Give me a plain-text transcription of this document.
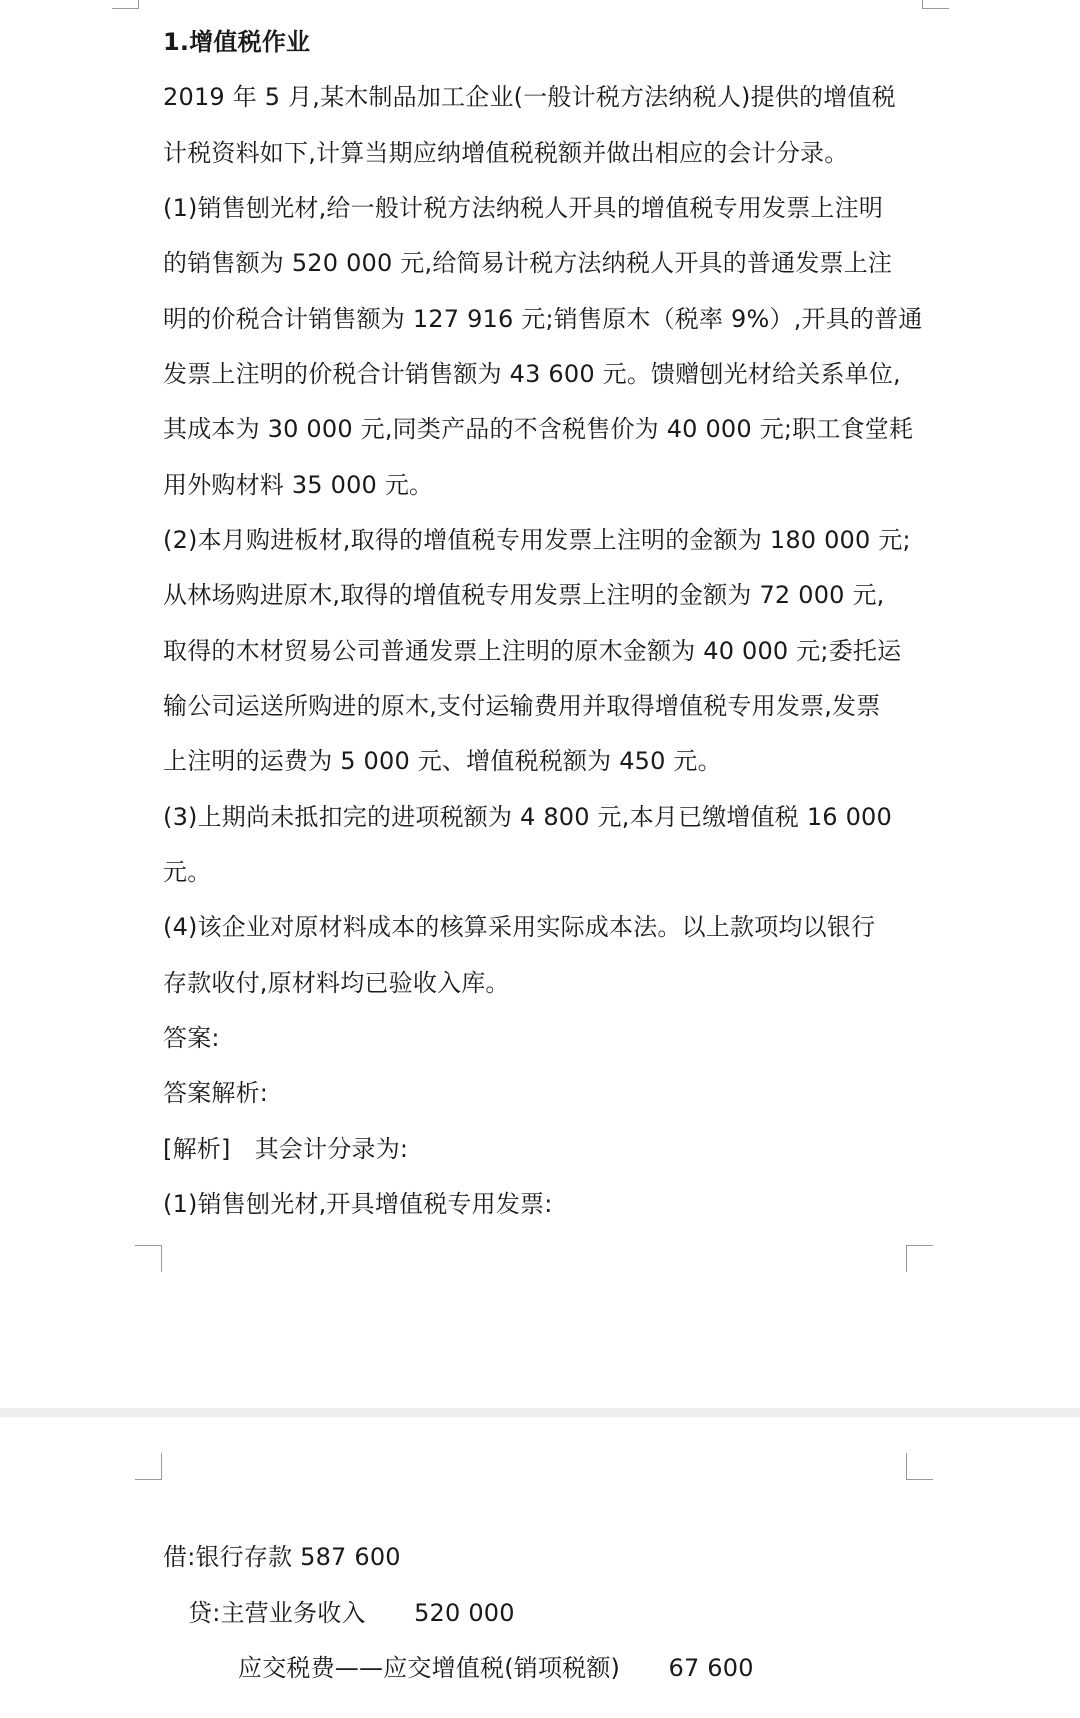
1.增值税作业

2019 年 5 月,某木制品加工企业(一般计税方法纳税人)提供的增值税

计税资料如下,计算当期应纳增值税税额并做出相应的会计分录。

(1)销售刨光材,给一般计税方法纳税人开具的增值税专用发票上注明

的销售额为 520 000 元,给简易计税方法纳税人开具的普通发票上注

明的价税合计销售额为 127 916 元;销售原木（税率 9%）,开具的普通

发票上注明的价税合计销售额为 43 600 元。馈赠刨光材给关系单位,

其成本为 30 000 元,同类产品的不含税售价为 40 000 元;职工食堂耗

用外购材料 35 000 元。

(2)本月购进板材,取得的增值税专用发票上注明的金额为 180 000 元;

从林场购进原木,取得的增值税专用发票上注明的金额为 72 000 元,

取得的木材贸易公司普通发票上注明的原木金额为 40 000 元;委托运

输公司运送所购进的原木,支付运输费用并取得增值税专用发票,发票

上注明的运费为 5 000 元、增值税税额为 450 元。

(3)上期尚未抵扣完的进项税额为 4 800 元,本月已缴增值税 16 000

元。

(4)该企业对原材料成本的核算采用实际成本法。以上款项均以银行

存款收付,原材料均已验收入库。

答案:

答案解析:

[解析]　其会计分录为:

(1)销售刨光材,开具增值税专用发票:

借:银行存款 587 600

贷:主营业务收入　　520 000

应交税费——应交增值税(销项税额)　　67 600
